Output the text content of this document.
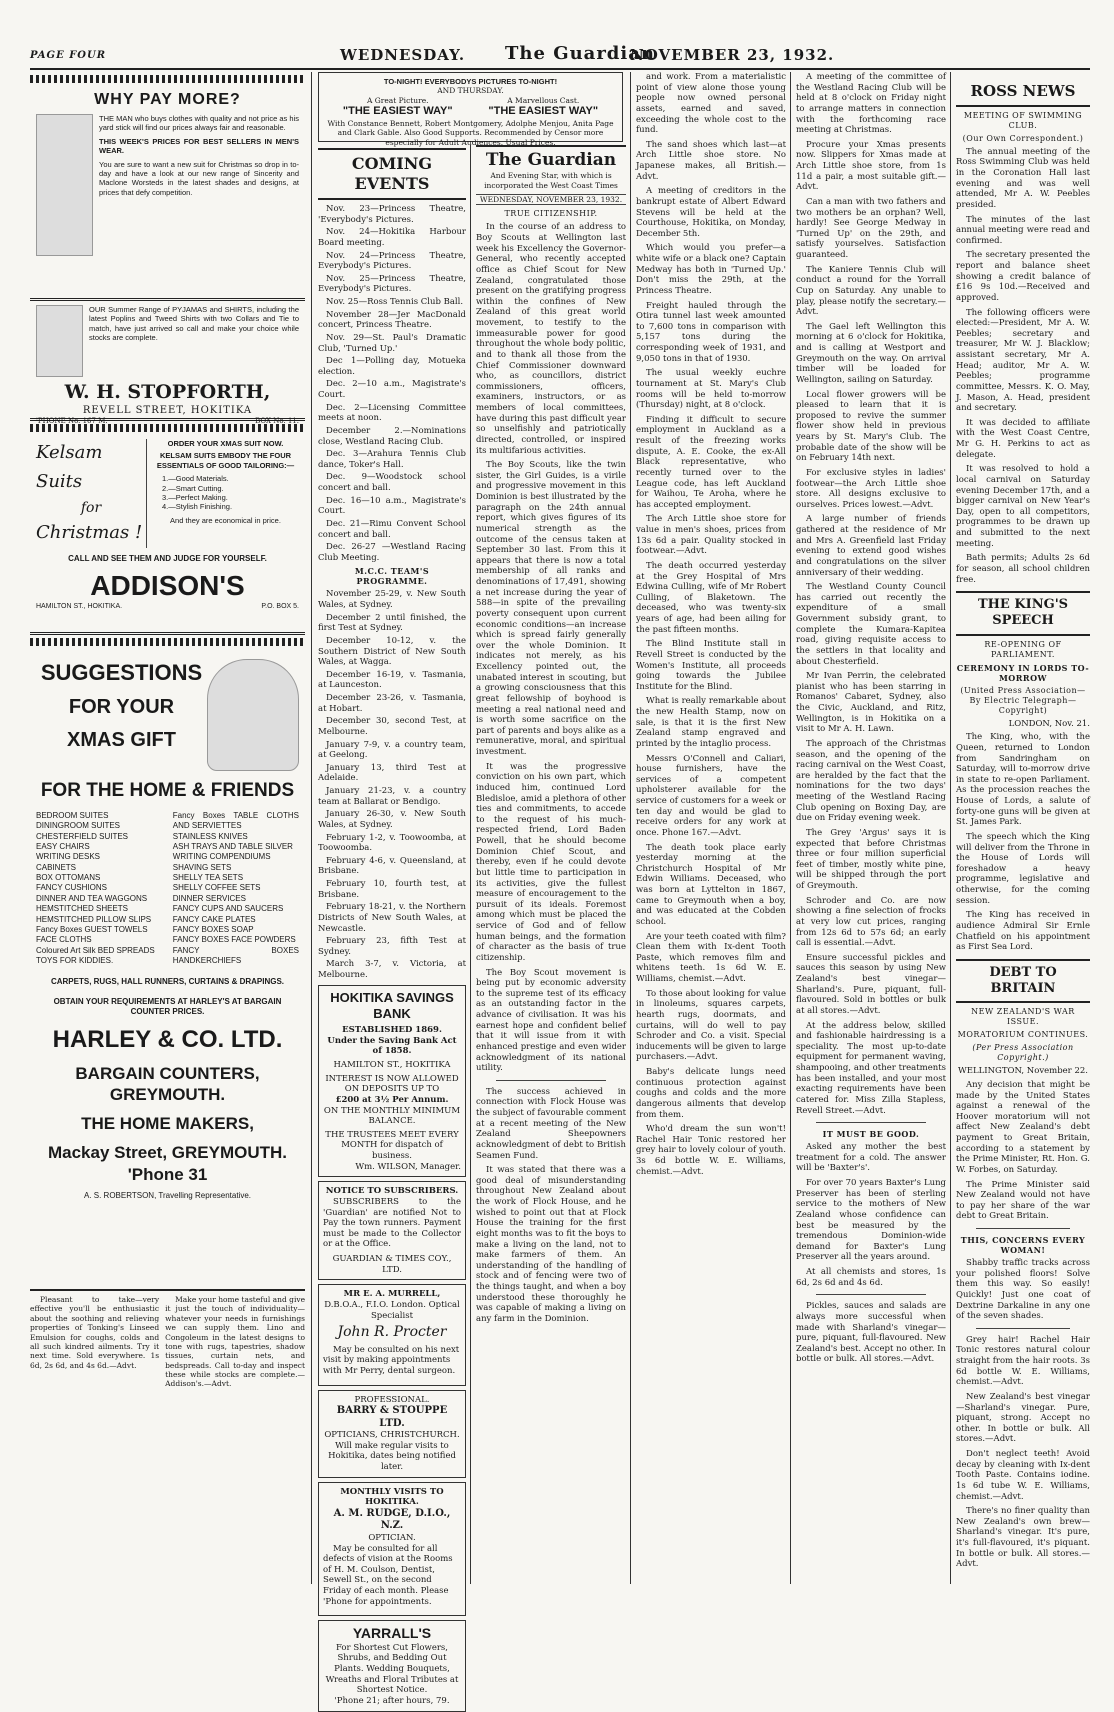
PAGE FOUR	WEDNESDAY. The Guardian
NOVEMBER 23, 1932.
WHY PAY MORE?

THE MAN who buys clothes with quality and not price as his yard stick will find our prices always fair and reasonable.

THIS WEEK'S PRICES FOR BEST SELLERS IN MEN'S WEAR.

You are sure to want a new suit for Christmas so drop in to-day and have a look at our new range of Sincerity and Maclone Worsteds in the latest shades and designs, at prices that defy competition.

OUR Summer Range of PYJAMAS and SHIRTS, including the latest Poplins and Tweed Shirts with two Collars and Tie to match, have just arrived so call and make your choice while stocks are complete.

W. H. STOPFORTH,
REVELL STREET, HOKITIKA
'PHONE No. 167 M.	BOX No. 11.
Kelsam Suits
for
Christmas !
ORDER YOUR XMAS SUIT NOW.
KELSAM SUITS EMBODY THE FOUR ESSENTIALS OF GOOD TAILORING:—
1.—Good Materials.
2.—Smart Cutting.
3.—Perfect Making.
4.—Stylish Finishing.
And they are economical in price.
CALL AND SEE THEM AND JUDGE FOR YOURSELF.
ADDISON'S
HAMILTON ST., HOKITIKA.	P.O. BOX 5.
SUGGESTIONS
FOR YOUR
XMAS GIFT
FOR THE HOME & FRIENDS
BEDROOM SUITES
DININGROOM SUITES
CHESTERFIELD SUITES
EASY CHAIRS
WRITING DESKS
CABINETS
BOX OTTOMANS
FANCY CUSHIONS
DINNER AND TEA WAGGONS
HEMSTITCHED SHEETS
HEMSTITCHED PILLOW SLIPS
Fancy Boxes GUEST TOWELS
FACE CLOTHS
Coloured Art Silk BED SPREADS
TOYS FOR KIDDIES.
Fancy Boxes TABLE CLOTHS AND SERVIETTES
STAINLESS KNIVES
ASH TRAYS AND TABLE SILVER
WRITING COMPENDIUMS
SHAVING SETS
SHELLY TEA SETS
SHELLY COFFEE SETS
DINNER SERVICES
FANCY CUPS AND SAUCERS
FANCY CAKE PLATES
FANCY BOXES SOAP
FANCY BOXES FACE POWDERS
FANCY BOXES HANDKERCHIEFS
CARPETS, RUGS, HALL RUNNERS, CURTAINS & DRAPINGS.
OBTAIN YOUR REQUIREMENTS AT HARLEY'S AT BARGAIN COUNTER PRICES.
HARLEY & CO. LTD.
BARGAIN COUNTERS, GREYMOUTH.
THE HOME MAKERS,
Mackay Street, GREYMOUTH. 'Phone 31
A. S. ROBERTSON, Travelling Representative.

Pleasant to take—very effective you'll be enthusiastic about the soothing and relieving properties of Tonking's Linseed Emulsion for coughs, colds and all such kindred ailments. Try it next time. Sold everywhere. 1s 6d, 2s 6d, and 4s 6d.—Advt.

Make your home tasteful and give it just the touch of individuality—whatever your needs in furnishings we can supply them. Lino and Congoleum in the latest designs to tone with rugs, tapestries, shadow tissues, curtain nets, and bedspreads. Call to-day and inspect these while stocks are complete.—Addison's.—Advt.

TO-NIGHT! EVERYBODYS PICTURES TO-NIGHT!
AND THURSDAY.
A Great Picture.	A Marvellous Cast.
"THE EASIEST WAY"	"THE EASIEST WAY"
With Constance Bennett, Robert Montgomery, Adolphe Menjou, Anita Page and Clark Gable. Also Good Supports. Recommended by Censor more especially for Adult Audiences. Usual Prices.
COMING EVENTS
Nov. 23—Princess Theatre, 'Everybody's Pictures.
Nov. 24—Hokitika Harbour Board meeting.
Nov. 24—Princess Theatre, Everybody's Pictures.
Nov. 25—Princess Theatre, Everybody's Pictures.
Nov. 25—Ross Tennis Club Ball.
November 28—Jer MacDonald concert, Princess Theatre.
Nov. 29—St. Paul's Dramatic Club, 'Turned Up.'
Dec 1—Polling day, Motueka election.
Dec. 2—10 a.m., Magistrate's Court.
Dec. 2—Licensing Committee meets at noon.
December 2.—Nominations close, Westland Racing Club.
Dec. 3—Arahura Tennis Club dance, Toker's Hall.
Dec. 9—Woodstock school concert and ball.
Dec. 16—10 a.m., Magistrate's Court.
Dec. 21—Rimu Convent School concert and ball.
Dec. 26-27 —Westland Racing Club Meeting.
M.C.C. TEAM'S PROGRAMME.
November 25-29, v. New South Wales, at Sydney.
December 2 until finished, the first Test at Sydney.
December 10-12, v. the Southern District of New South Wales, at Wagga.
December 16-19, v. Tasmania, at Launceston.
December 23-26, v. Tasmania, at Hobart.
December 30, second Test, at Melbourne.
January 7-9, v. a country team, at Geelong.
January 13, third Test at Adelaide.
January 21-23, v. a country team at Ballarat or Bendigo.
January 26-30, v. New South Wales, at Sydney.
February 1-2, v. Toowoomba, at Toowoomba.
February 4-6, v. Queensland, at Brisbane.
February 10, fourth test, at Brisbane.
February 18-21, v. the Northern Districts of New South Wales, at Newcastle.
February 23, fifth Test at Sydney.
March 3-7, v. Victoria, at Melbourne.
HOKITIKA SAVINGS BANK
ESTABLISHED 1869.
Under the Saving Bank Act of 1858.
HAMILTON ST., HOKITIKA
INTEREST IS NOW ALLOWED ON DEPOSITS UP TO
£200 at 3½ Per Annum.
ON THE MONTHLY MINIMUM BALANCE.
THE TRUSTEES MEET EVERY MONTH for dispatch of business.
Wm. WILSON, Manager.
NOTICE TO SUBSCRIBERS.

SUBSCRIBERS to the 'Guardian' are notified Not to Pay the town runners. Payment must be made to the Collector or at the Office.

GUARDIAN & TIMES COY., LTD.
MR E. A. MURRELL,
D.B.O.A., F.I.O. London. Optical Specialist
John R. Procter

May be consulted on his next visit by making appointments with Mr Perry, dental surgeon.

PROFESSIONAL.
BARRY & STOUPPE LTD.
OPTICIANS, CHRISTCHURCH.
Will make regular visits to Hokitika, dates being notified later.
MONTHLY VISITS TO HOKITIKA.
A. M. RUDGE, D.I.O., N.Z.
OPTICIAN.

May be consulted for all defects of vision at the Rooms of H. M. Coulson, Dentist, Sewell St., on the second Friday of each month. Please 'Phone for appointments.

YARRALL'S
For Shortest Cut Flowers, Shrubs, and Bedding Out Plants. Wedding Bouquets, Wreaths and Floral Tributes at Shortest Notice.
'Phone 21; after hours, 79.
The Guardian
And Evening Star, with which is incorporated the West Coast Times
WEDNESDAY, NOVEMBER 23, 1932.
TRUE CITIZENSHIP.

In the course of an address to Boy Scouts at Wellington last week his Excellency the Governor-General, who recently accepted office as Chief Scout for New Zealand, congratulated those present on the gratifying progress within the confines of New Zealand of this great world movement, to testify to the immeasurable power for good throughout the whole body politic, and to thank all those from the Chief Commissioner downward who, as councillors, district commissioners, officers, examiners, instructors, or as members of local committees, have during this past difficult year so unselfishly and patriotically directed, controlled, or inspired its multifarious activities.

The Boy Scouts, like the twin sister, the Girl Guides, is a virile and progressive movement in this Dominion is best illustrated by the paragraph on the 24th annual report, which gives figures of its numerical strength as the outcome of the census taken at September 30 last. From this it appears that there is now a total membership of all ranks and denominations of 17,491, showing a net increase during the year of 588—in spite of the prevailing poverty consequent upon current economic conditions—an increase which is spread fairly generally over the whole Dominion. It indicates not merely, as his Excellency pointed out, the unabated interest in scouting, but a growing consciousness that this great fellowship of boyhood is meeting a real national need and is worth some sacrifice on the part of parents and boys alike as a remunerative, moral, and spiritual investment.

It was the progressive conviction on his own part, which induced him, continued Lord Bledisloe, amid a plethora of other ties and commitments, to accede to the request of his much-respected friend, Lord Baden Powell, that he should become Dominion Chief Scout, and thereby, even if he could devote but little time to participation in its activities, give the fullest measure of encouragement to the pursuit of its ideals. Foremost among which must be placed the service of God and of fellow human beings, and the formation of character as the basis of true citizenship.

The Boy Scout movement is being put by economic adversity to the supreme test of its efficacy as an outstanding factor in the advance of civilisation. It was his earnest hope and confident belief that it will issue from it with enhanced prestige and even wider acknowledgment of its national utility.

The success achieved in connection with Flock House was the subject of favourable comment at a recent meeting of the New Zealand Sheepowners acknowledgment of debt to British Seamen Fund.

It was stated that there was a good deal of misunderstanding throughout New Zealand about the work of Flock House, and he wished to point out that at Flock House the training for the first eight months was to fit the boys to make a living on the land, not to make farmers of them. An understanding of the handling of stock and of fencing were two of the things taught, and when a boy understood these thoroughly he was capable of making a living on any farm in the Dominion.

and work. From a materialistic point of view alone those young people now owned personal assets, earned and saved, exceeding the whole cost to the fund.

The sand shoes which last—at Arch Little shoe store. No Japanese makes, all British.—Advt.

A meeting of creditors in the bankrupt estate of Albert Edward Stevens will be held at the Courthouse, Hokitika, on Monday, December 5th.

Which would you prefer—a white wife or a black one? Captain Medway has both in 'Turned Up.' Don't miss the 29th, at the Princess Theatre.

Freight hauled through the Otira tunnel last week amounted to 7,600 tons in comparison with 5,157 tons during the corresponding week of 1931, and 9,050 tons in that of 1930.

The usual weekly euchre tournament at St. Mary's Club rooms will be held to-morrow (Thursday) night, at 8 o'clock.

Finding it difficult to secure employment in Auckland as a result of the freezing works dispute, A. E. Cooke, the ex-All Black representative, who recently turned over to the League code, has left Auckland for Waihou, Te Aroha, where he has accepted employment.

The Arch Little shoe store for value in men's shoes, prices from 13s 6d a pair. Quality stocked in footwear.—Advt.

The death occurred yesterday at the Grey Hospital of Mrs Edwina Culling, wife of Mr Robert Culling, of Blaketown. The deceased, who was twenty-six years of age, had been ailing for the past fifteen months.

The Blind Institute stall in Revell Street is conducted by the Women's Institute, all proceeds going towards the Jubilee Institute for the Blind.

What is really remarkable about the new Health Stamp, now on sale, is that it is the first New Zealand stamp engraved and printed by the intaglio process.

Messrs O'Connell and Caliari, house furnishers, have the services of a competent upholsterer available for the service of customers for a week or ten day and would be glad to receive orders for any work at once. Phone 167.—Advt.

The death took place early yesterday morning at the Christchurch Hospital of Mr Edwin Williams. Deceased, who was born at Lyttelton in 1867, came to Greymouth when a boy, and was educated at the Cobden school.

Are your teeth coated with film? Clean them with Ix-dent Tooth Paste, which removes film and whitens teeth. 1s 6d W. E. Williams, chemist.—Advt.

To those about looking for value in linoleums, squares carpets, hearth rugs, doormats, and curtains, will do well to pay Schroder and Co. a visit. Special inducements will be given to large purchasers.—Advt.

Baby's delicate lungs need continuous protection against coughs and colds and the more dangerous ailments that develop from them.

Who'd dream the sun won't! Rachel Hair Tonic restored her grey hair to lovely colour of youth. 3s 6d bottle W. E. Williams, chemist.—Advt.

A meeting of the committee of the Westland Racing Club will be held at 8 o'clock on Friday night to arrange matters in connection with the forthcoming race meeting at Christmas.

Procure your Xmas presents now. Slippers for Xmas made at Arch Little shoe store, from 1s 11d a pair, a most suitable gift.—Advt.

Can a man with two fathers and two mothers be an orphan? Well, hardly! See George Medway in 'Turned Up' on the 29th, and satisfy yourselves. Satisfaction guaranteed.

The Kaniere Tennis Club will conduct a round for the Yorrall Cup on Saturday. Any unable to play, please notify the secretary.—Advt.

The Gael left Wellington this morning at 6 o'clock for Hokitika, and is calling at Westport and Greymouth on the way. On arrival timber will be loaded for Wellington, sailing on Saturday.

Local flower growers will be pleased to learn that it is proposed to revive the summer flower show held in previous years by St. Mary's Club. The probable date of the show will be on February 14th next.

For exclusive styles in ladies' footwear—the Arch Little shoe store. All designs exclusive to ourselves. Prices lowest.—Advt.

A large number of friends gathered at the residence of Mr and Mrs A. Greenfield last Friday evening to extend good wishes and congratulations on the silver anniversary of their wedding.

The Westland County Council has carried out recently the expenditure of a small Government subsidy grant, to complete the Kumara-Kapitea road, giving requisite access to the settlers in that locality and about Chesterfield.

Mr Ivan Perrin, the celebrated pianist who has been starring in Romanos' Cabaret, Sydney, also the Civic, Auckland, and Ritz, Wellington, is in Hokitika on a visit to Mr A. H. Lawn.

The approach of the Christmas season, and the opening of the racing carnival on the West Coast, are heralded by the fact that the nominations for the two days' meeting of the Westland Racing Club opening on Boxing Day, are due on Friday evening week.

The Grey 'Argus' says it is expected that before Christmas three or four million superficial feet of timber, mostly white pine, will be shipped through the port of Greymouth.

Schroder and Co. are now showing a fine selection of frocks at very low cut prices, ranging from 12s 6d to 57s 6d; an early call is essential.—Advt.

Ensure successful pickles and sauces this season by using New Zealand's best vinegar—Sharland's. Pure, piquant, full-flavoured. Sold in bottles or bulk at all stores.—Advt.

At the address below, skilled and fashionable hairdressing is a speciality. The most up-to-date equipment for permanent waving, shampooing, and other treatments has been installed, and your most exacting requirements have been catered for. Miss Zilla Stapless, Revell Street.—Advt.

IT MUST BE GOOD.

Asked any mother the best treatment for a cold. The answer will be 'Baxter's'.

For over 70 years Baxter's Lung Preserver has been of sterling service to the mothers of New Zealand whose confidence can best be measured by the tremendous Dominion-wide demand for Baxter's Lung Preserver all the years around.

At all chemists and stores, 1s 6d, 2s 6d and 4s 6d.

Pickles, sauces and salads are always more successful when made with Sharland's vinegar—pure, piquant, full-flavoured. New Zealand's best. Accept no other. In bottle or bulk. All stores.—Advt.

ROSS NEWS
MEETING OF SWIMMING CLUB.
(Our Own Correspondent.)

The annual meeting of the Ross Swimming Club was held in the Coronation Hall last evening and was well attended, Mr A. W. Peebles presided.

The minutes of the last annual meeting were read and confirmed.

The secretary presented the report and balance sheet showing a credit balance of £16 9s 10d.—Received and approved.

The following officers were elected:—President, Mr A. W. Peebles; secretary and treasurer, Mr W. J. Blacklow; assistant secretary, Mr A. Head; auditor, Mr A. W. Peebles; programme committee, Messrs. K. O. May, J. Mason, A. Head, president and secretary.

It was decided to affiliate with the West Coast Centre, Mr G. H. Perkins to act as delegate.

It was resolved to hold a local carnival on Saturday evening December 17th, and a bigger carnival on New Year's Day, open to all competitors, programmes to be drawn up and submitted to the next meeting.

Bath permits; Adults 2s 6d for season, all school children free.

THE KING'S SPEECH
RE-OPENING OF PARLIAMENT.
CEREMONY IN LORDS TO-MORROW
(United Press Association—By Electric Telegraph—Copyright)
LONDON, Nov. 21.

The King, who, with the Queen, returned to London from Sandringham on Saturday, will to-morrow drive in state to re-open Parliament. As the procession reaches the House of Lords, a salute of forty-one guns will be given at St. James Park.

The speech which the King will deliver from the Throne in the House of Lords will foreshadow a heavy programme, legislative and otherwise, for the coming session.

The King has received in audience Admiral Sir Ernle Chatfield on his appointment as First Sea Lord.

DEBT TO BRITAIN
NEW ZEALAND'S WAR ISSUE.
MORATORIUM CONTINUES.
(Per Press Association Copyright.)
WELLINGTON, November 22.

Any decision that might be made by the United States against a renewal of the Hoover moratorium will not affect New Zealand's debt payment to Great Britain, according to a statement by the Prime Minister, Rt. Hon. G. W. Forbes, on Saturday.

The Prime Minister said New Zealand would not have to pay her share of the war debt to Great Britain.

THIS, CONCERNS EVERY WOMAN!

Shabby traffic tracks across your polished floors! Solve them this way. So easily! Quickly! Just one coat of Dextrine Darkaline in any one of the seven shades.

Grey hair! Rachel Hair Tonic restores natural colour straight from the hair roots. 3s 6d bottle W. E. Williams, chemist.—Advt.

New Zealand's best vinegar—Sharland's vinegar. Pure, piquant, strong. Accept no other. In bottle or bulk. All stores.—Advt.

Don't neglect teeth! Avoid decay by cleaning with Ix-dent Tooth Paste. Contains iodine. 1s 6d tube W. E. Williams, chemist.—Advt.

There's no finer quality than New Zealand's own brew—Sharland's vinegar. It's pure, it's full-flavoured, it's piquant. In bottle or bulk. All stores.—Advt.
